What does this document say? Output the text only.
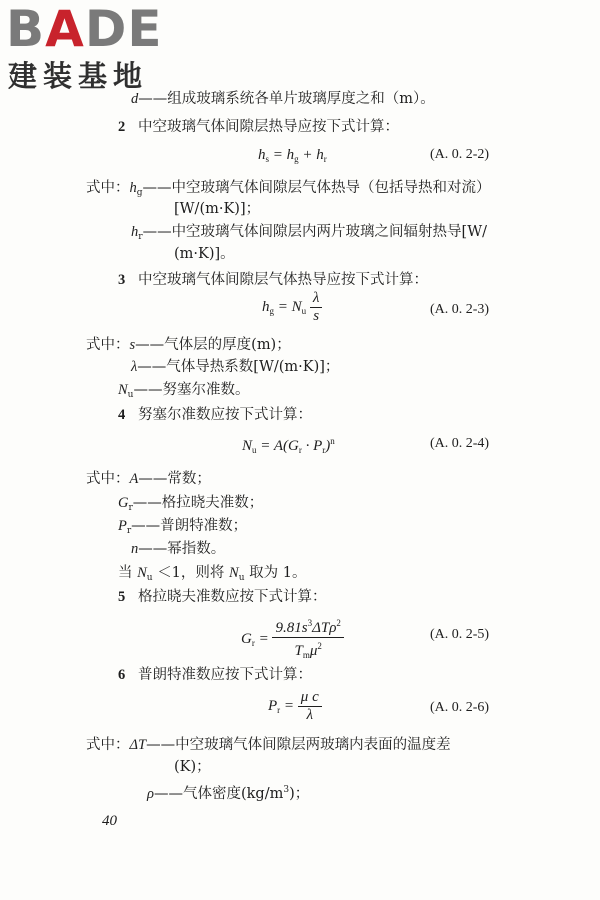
BADE
建装基地
d——组成玻璃系统各单片玻璃厚度之和（m）。
2 中空玻璃气体间隙层热导应按下式计算：
$h_s = h_g + h_r$	(A. 0. 2-2)
式中：$h_g——$中空玻璃气体间隙层气体热导（包括导热和对流）
[W/(m·K)]；
$h_r——$中空玻璃气体间隙层内两片玻璃之间辐射热导[W/
(m·K)]。
3 中空玻璃气体间隙层气体热导应按下式计算：
$h_g = N_u \frac{\lambda}{s}$	(A. 0. 2-3)
式中：s——气体层的厚度(m)；
λ——气体导热系数[W/(m·K)]；
$N_u——$努塞尔准数。
4 努塞尔准数应按下式计算：
$N_u = A(G_r \cdot P_r)^n$	(A. 0. 2-4)
式中：A——常数；
$G_r——$格拉晓夫准数；
$P_r——$普朗特准数；
n——幂指数。
当 $N_u <1$，则将 $N_u$ 取为 1。
5 格拉晓夫准数应按下式计算：
$G_r = \frac{9.81s^3\Delta T\rho^2}{T_m\mu^2}$	(A. 0. 2-5)
6 普朗特准数应按下式计算：
$P_r = \frac{\text{μ c}}{\lambda}$	(A. 0. 2-6)
式中：ΔT——中空玻璃气体间隙层两玻璃内表面的温度差
(K)；
ρ——气体密度$(kg/m^3)$；
40
